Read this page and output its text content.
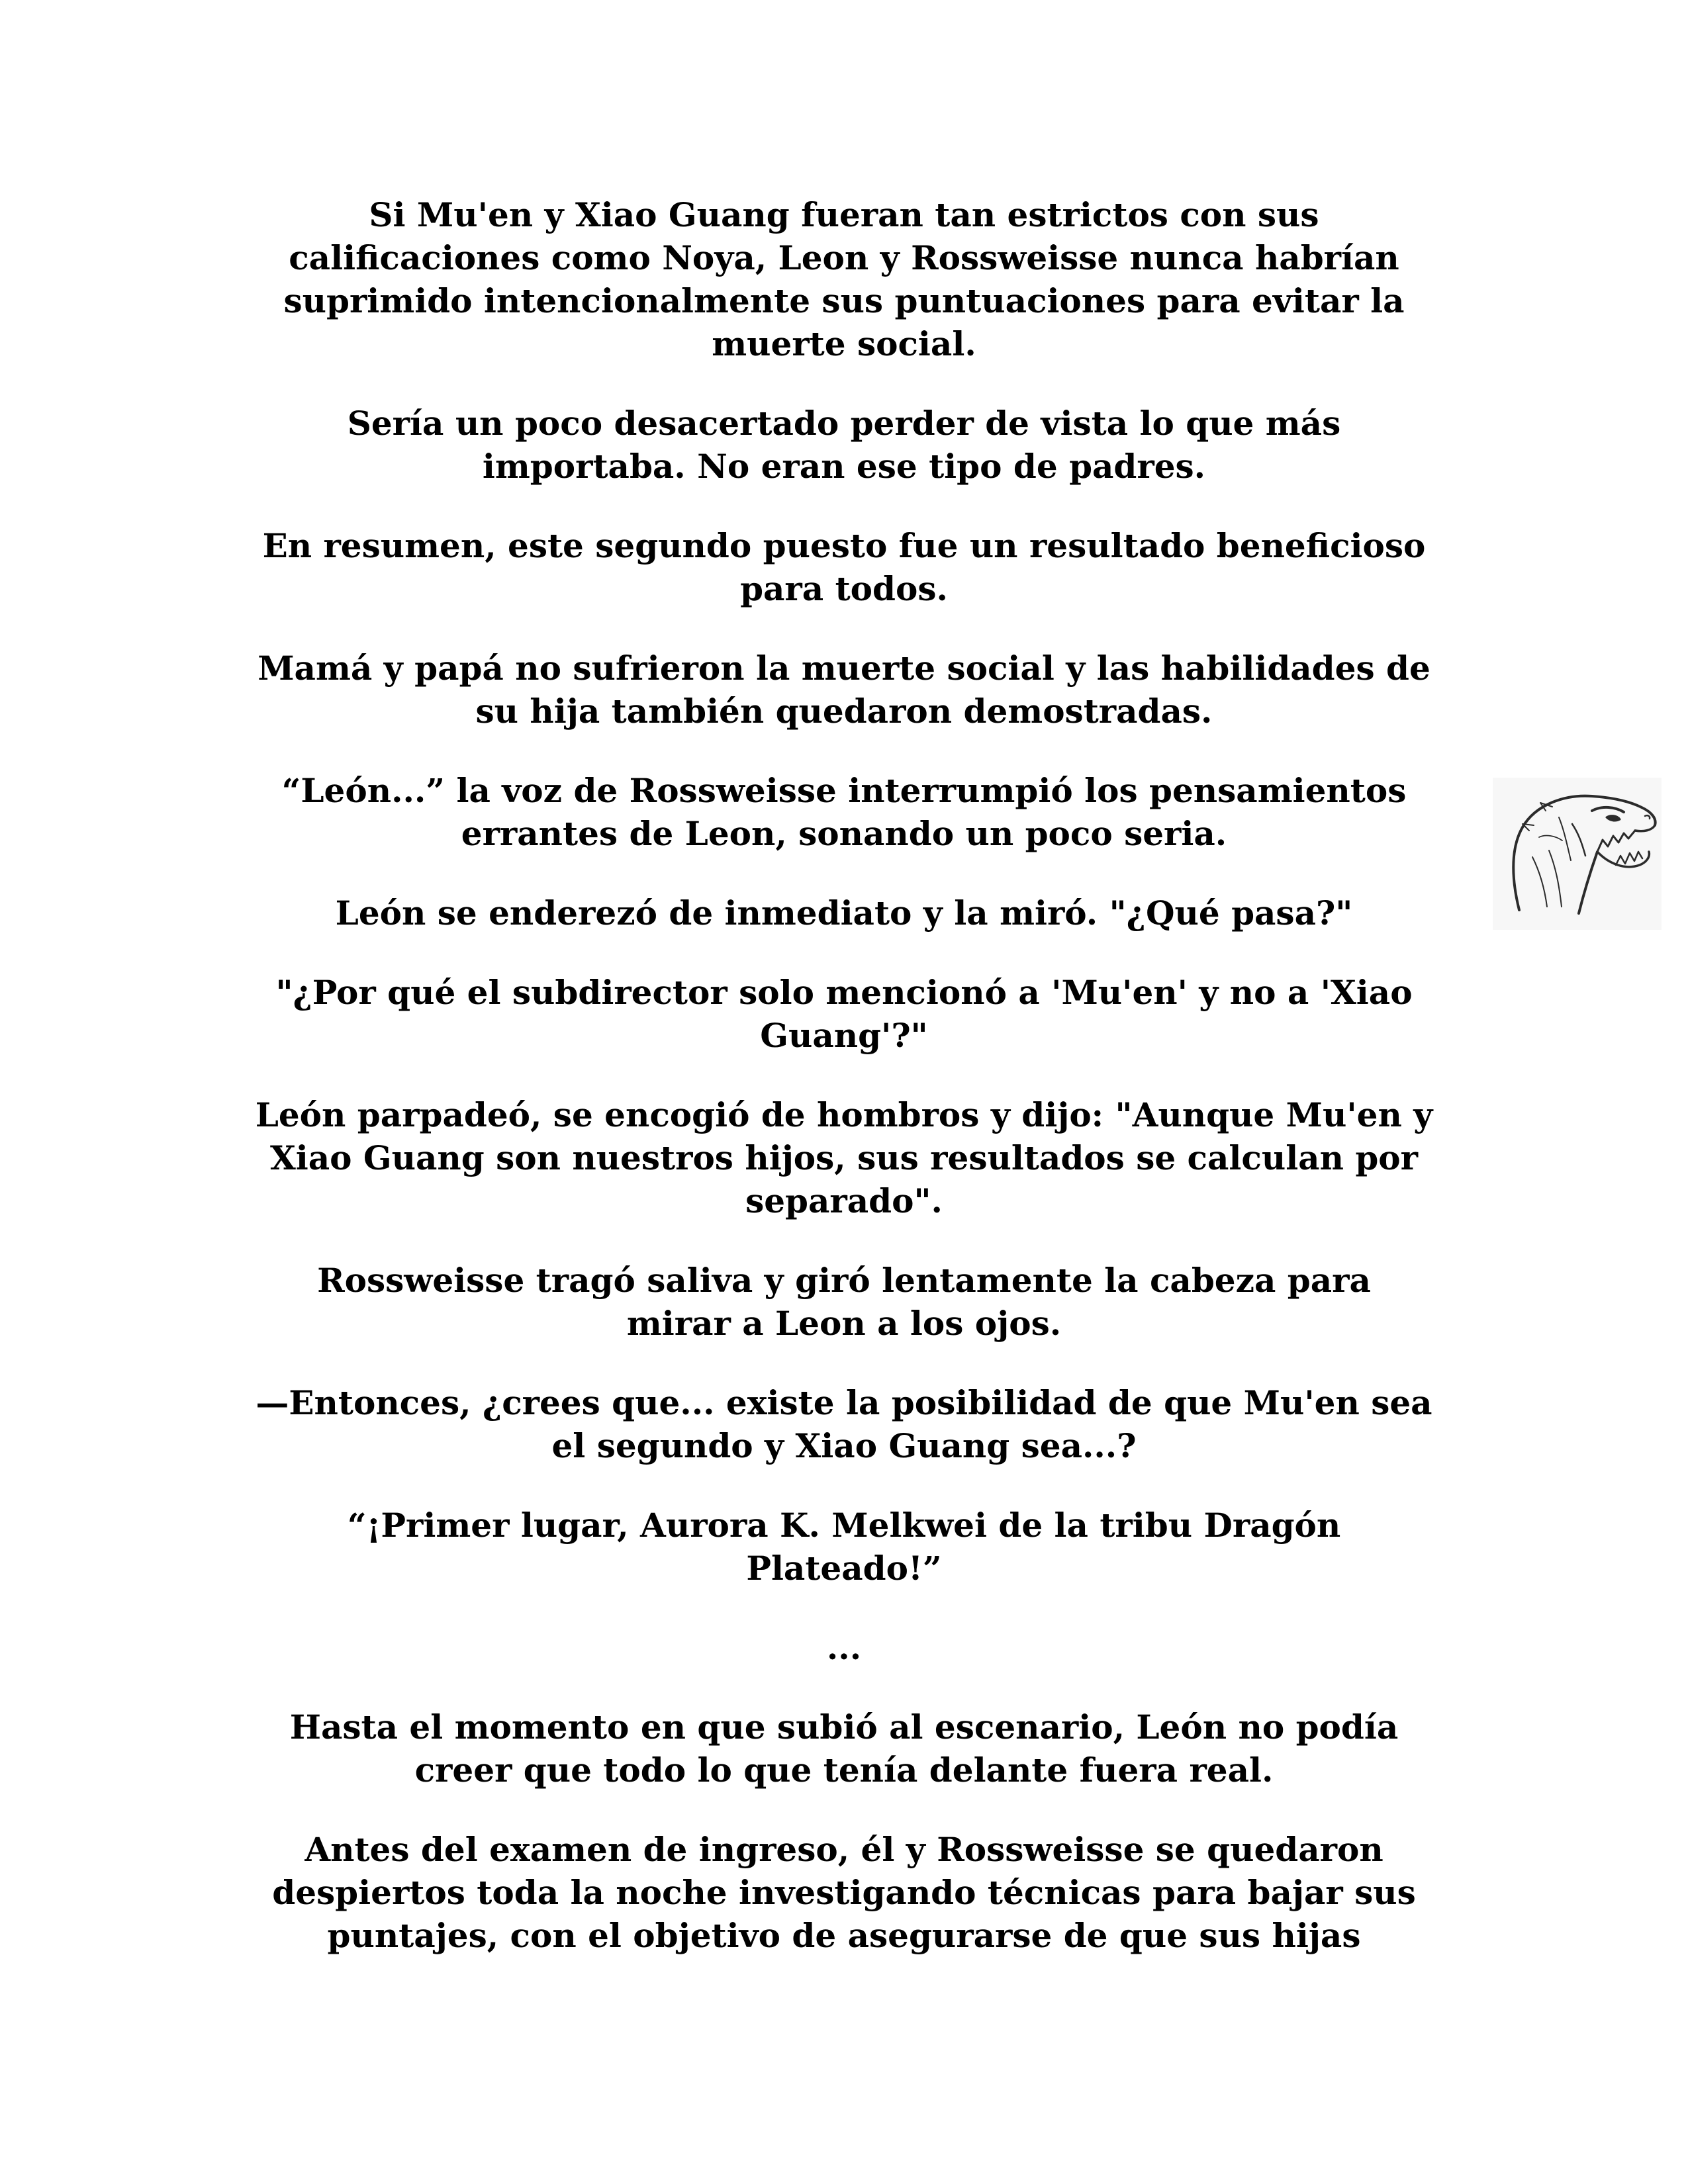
Si Mu'en y Xiao Guang fueran tan estrictos con sus
calificaciones como Noya, Leon y Rossweisse nunca habrían
suprimido intencionalmente sus puntuaciones para evitar la
muerte social.

Sería un poco desacertado perder de vista lo que más
importaba. No eran ese tipo de padres.

En resumen, este segundo puesto fue un resultado beneficioso
para todos.

Mamá y papá no sufrieron la muerte social y las habilidades de
su hija también quedaron demostradas.

“León...” la voz de Rossweisse interrumpió los pensamientos
errantes de Leon, sonando un poco seria.

León se enderezó de inmediato y la miró. "¿Qué pasa?"

"¿Por qué el subdirector solo mencionó a 'Mu'en' y no a 'Xiao
Guang'?"

León parpadeó, se encogió de hombros y dijo: "Aunque Mu'en y
Xiao Guang son nuestros hijos, sus resultados se calculan por
separado".

Rossweisse tragó saliva y giró lentamente la cabeza para
mirar a Leon a los ojos.

—Entonces, ¿crees que... existe la posibilidad de que Mu'en sea
el segundo y Xiao Guang sea...?

“¡Primer lugar, Aurora K. Melkwei de la tribu Dragón
Plateado!”

...

Hasta el momento en que subió al escenario, León no podía
creer que todo lo que tenía delante fuera real.

Antes del examen de ingreso, él y Rossweisse se quedaron
despiertos toda la noche investigando técnicas para bajar sus
puntajes, con el objetivo de asegurarse de que sus hijas
